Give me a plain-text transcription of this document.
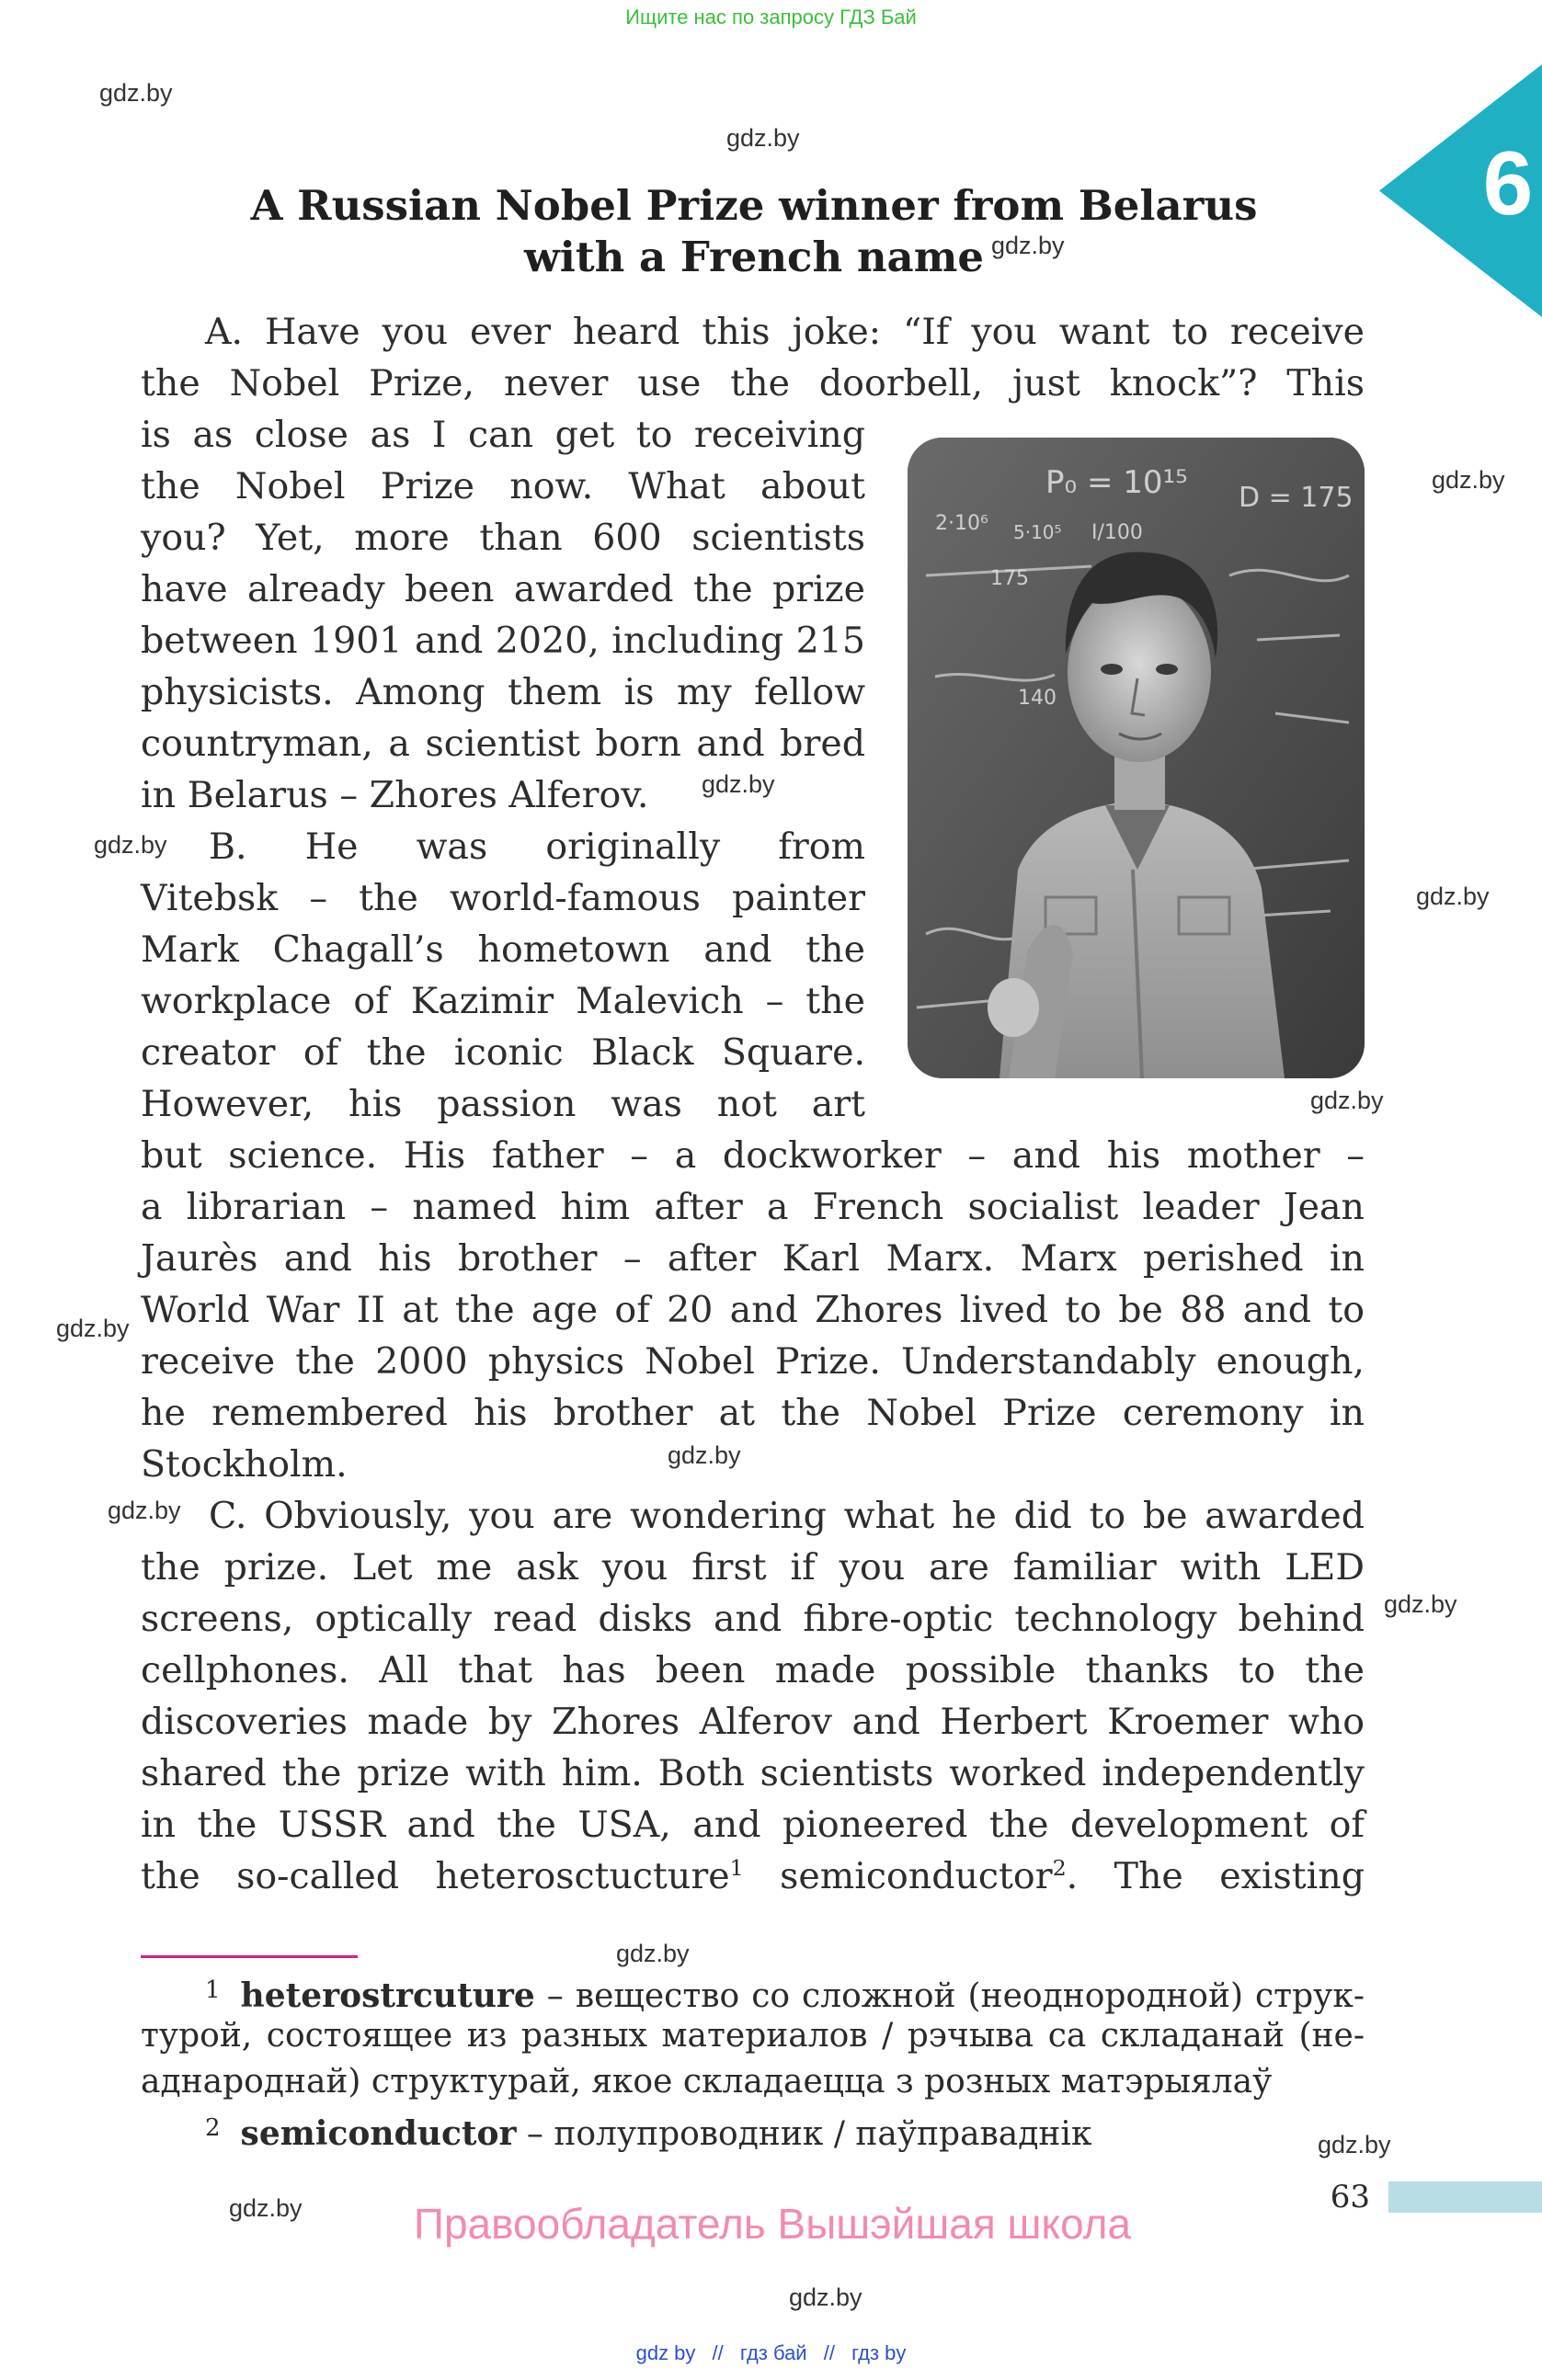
Ищите нас по запросу ГДЗ Бай
gdz.by
gdz.by
gdz.by
gdz.by
gdz.by
gdz.by
gdz.by
gdz.by
gdz.by
gdz.by
gdz.by
gdz.by
gdz.by
gdz.by
gdz.by
gdz.by
6
A Russian Nobel Prize winner from Belarus
with a French name
P₀ = 10¹⁵ D = 175
2·10⁶ 5·10⁵ I/100
175
140
A. Have you ever heard this joke: “If you want to receive
the Nobel Prize, never use the doorbell, just knock”? This
is as close as I can get to receiving
the Nobel Prize now. What about
you? Yet, more than 600 scientists
have already been awarded the prize
between 1901 and 2020, including 215
physicists. Among them is my fellow
countryman, a scientist born and bred
in Belarus – Zhores Alferov.
B. He was originally from
Vitebsk – the world-famous painter
Mark Chagall’s hometown and the
workplace of Kazimir Malevich – the
creator of the iconic Black Square.
However, his passion was not art
but science. His father – a dockworker – and his mother –
a librarian – named him after a French socialist leader Jean
Jaurès and his brother – after Karl Marx. Marx perished in
World War II at the age of 20 and Zhores lived to be 88 and to
receive the 2000 physics Nobel Prize. Understandably enough,
he remembered his brother at the Nobel Prize ceremony in
Stockholm.
C. Obviously, you are wondering what he did to be awarded
the prize. Let me ask you first if you are familiar with LED
screens, optically read disks and fibre-optic technology behind
cellphones. All that has been made possible thanks to the
discoveries made by Zhores Alferov and Herbert Kroemer who
shared the prize with him. Both scientists worked independently
in the USSR and the USA, and pioneered the development of
the so-called heterosctucture$^1$ semiconductor$^2$. The existing
$^1$ heterostrcuture – вещество со сложной (неоднородной) струк-
турой, состоящее из разных материалов / рэчыва са складанай (не-
аднароднай) структурай, якое складаецца з розных матэрыялаў
$^2$ semiconductor – полупроводник / паўправаднік
63
Правообладатель Вышэйшая школа
gdz by // гдз бай // гдз by
